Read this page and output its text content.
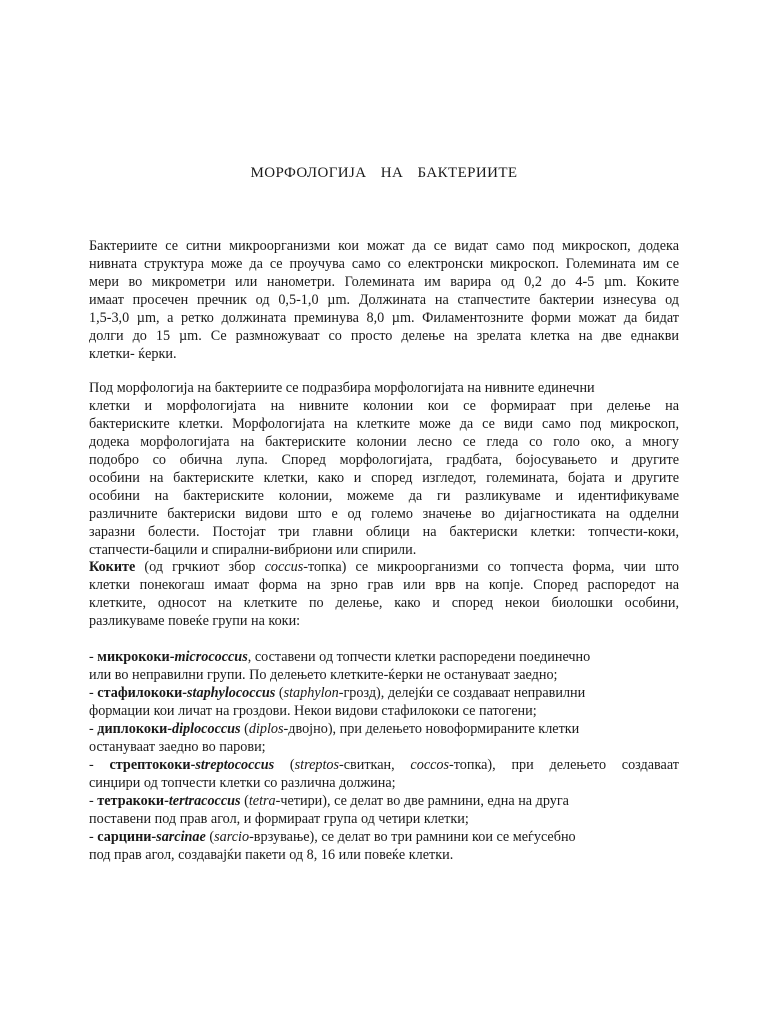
МОРФОЛОГИЈА  НА  БАКТЕРИИТЕ
Бактериите се ситни микроорганизми кои можат да се видат само под микроскоп, додека
нивната структура може да се проучува само со електронски микроскоп. Големината им се
мери во микрометри или нанометри. Големината им варира од 0,2 до 4-5 µm. Коките
имаат просечен пречник од 0,5-1,0 µm. Должината на стапчестите бактерии изнесува од
1,5-3,0 µm, а ретко должината преминува 8,0 µm. Филаментозните форми можат да бидат
долги до 15 µm. Се размножуваат со просто делење на зрелата клетка на две еднакви
клетки- ќерки.
Под морфологија на бактериите се подразбира морфологијата на нивните единечни
клетки и морфологијата на нивните колонии кои се формираат при делење на
бактериските клетки. Морфологијата на клетките може да се види само под микроскоп,
додека морфологијата на бактериските колонии лесно се гледа со голо око, а многу
подобро со обична лупа. Според морфологијата, градбата, бојосувањето и другите
особини на бактериските клетки, како и според изгледот, големината, бојата и другите
особини на бактериските колонии, можеме да ги разликуваме и идентификуваме
различните бактериски видови што е од големо значење во дијагностиката на одделни
заразни болести. Постојат три главни облици на бактериски клетки: топчести-коки,
стапчести-бацили и спирални-вибриони или спирили.
Коките (од грчкиот збор coccus-топка) се микроорганизми со топчеста форма, чии што
клетки понекогаш имаат форма на зрно грав или врв на копје. Според распоредот на
клетките, односот на клетките по делење, како и според некои биолошки особини,
разликуваме повеќе групи на коки:
- микрококи-micrococcus, составени од топчести клетки распоредени поединечно
или во неправилни групи. По делењето клетките-ќерки не остануваат заедно;
- стафилококи-staphylococcus (staphylon-грозд), делејќи се создаваат неправилни
формации кои личат на гроздови. Некои видови стафилококи се патогени;
- диплококи-diplococcus (diplos-двојно), при делењето новоформираните клетки
остануваат заедно во парови;
- стрептококи-streptococcus (streptos-свиткан, coccos-топка), при делењето создаваат
синџири од топчести клетки со различна должина;
- тетракоки-tertracoccus (tetra-четири), се делат во две рамнини, една на друга
поставени под прав агол, и формираат група од четири клетки;
- сарцини-sarcinae (sarcio-врзување), се делат во три рамнини кои се меѓусебно
под прав агол, создавајќи пакети од 8, 16 или повеќе клетки.
